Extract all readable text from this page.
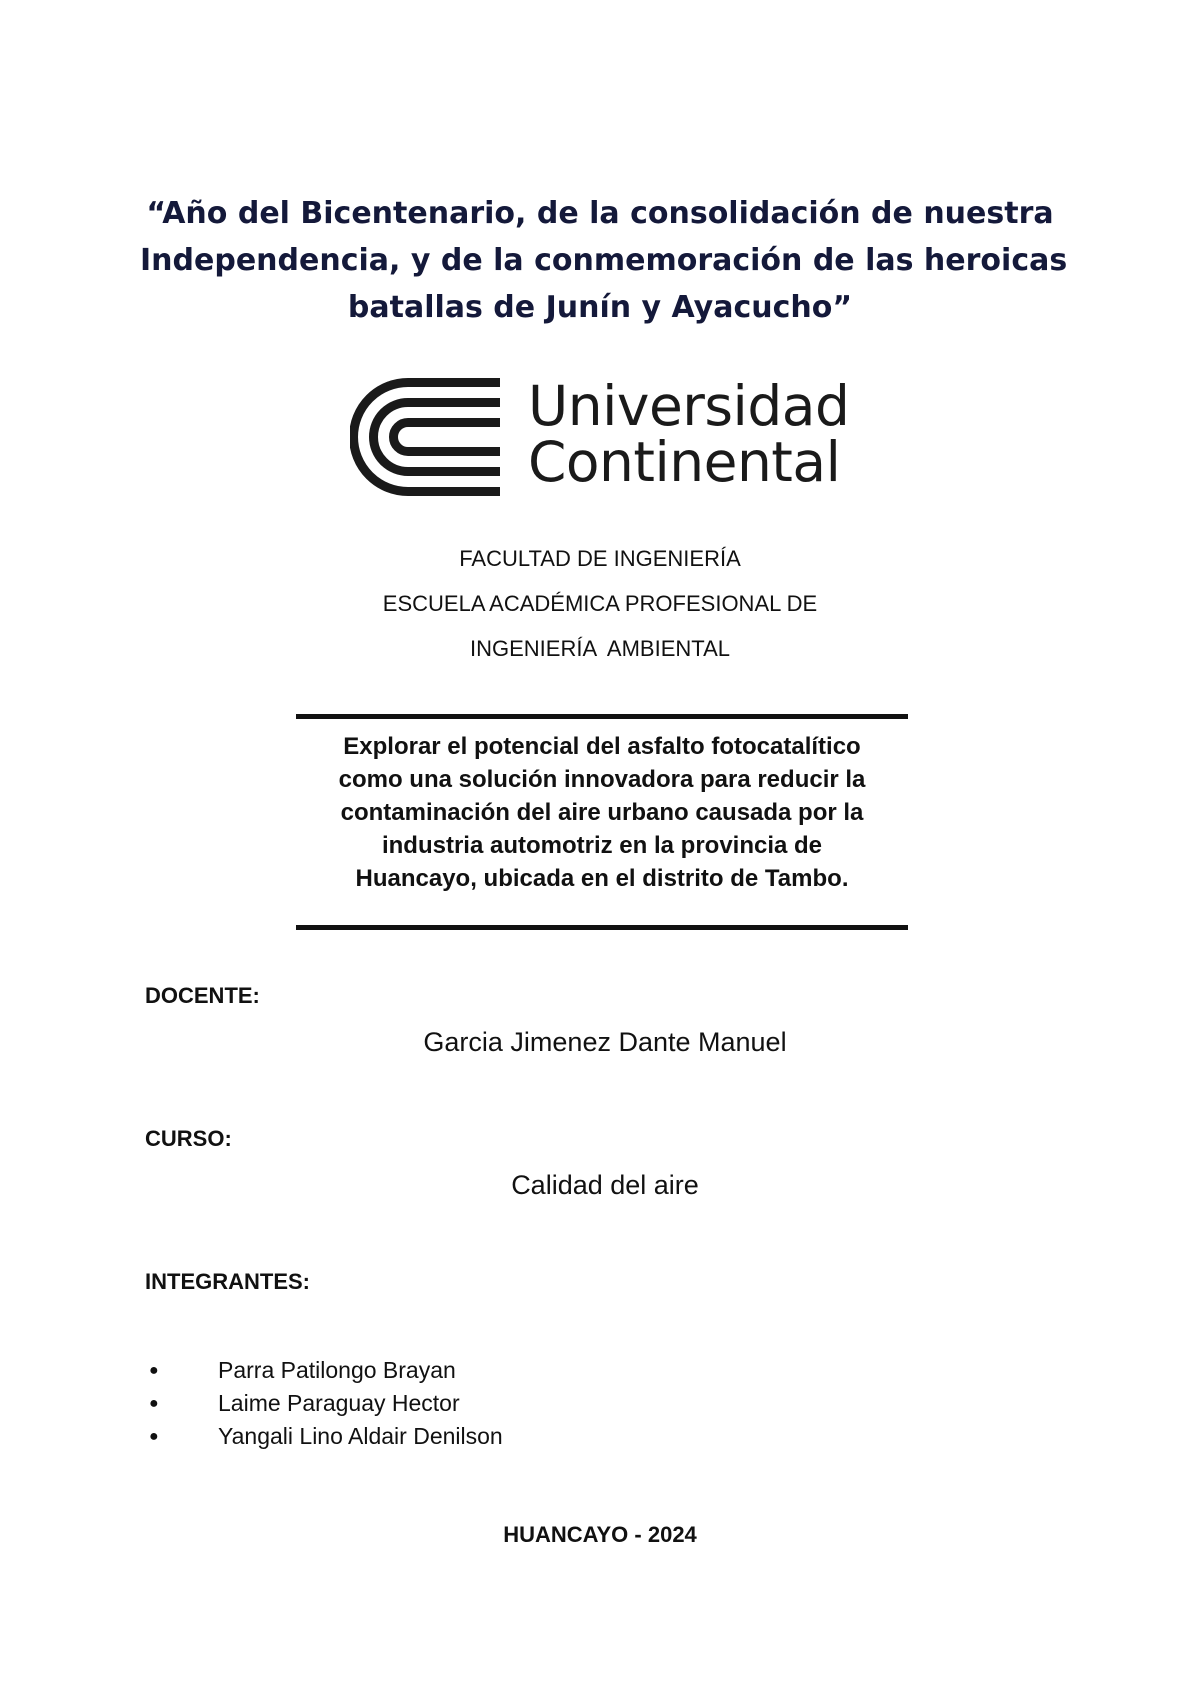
“Año del Bicentenario, de la consolidación de nuestra
Independencia, y de la conmemoración de las heroicas
batallas de Junín y Ayacucho”
Universidad
Continental
FACULTAD DE INGENIERÍA
ESCUELA ACADÉMICA PROFESIONAL DE
INGENIERÍA  AMBIENTAL
Explorar el potencial del asfalto fotocatalítico
como una solución innovadora para reducir la
contaminación del aire urbano causada por la
industria automotriz en la provincia de
Huancayo, ubicada en el distrito de Tambo.
DOCENTE:
Garcia Jimenez Dante Manuel
CURSO:
Calidad del aire
INTEGRANTES:
●	Parra Patilongo Brayan
●	Laime Paraguay Hector
●	Yangali Lino Aldair Denilson
HUANCAYO - 2024
